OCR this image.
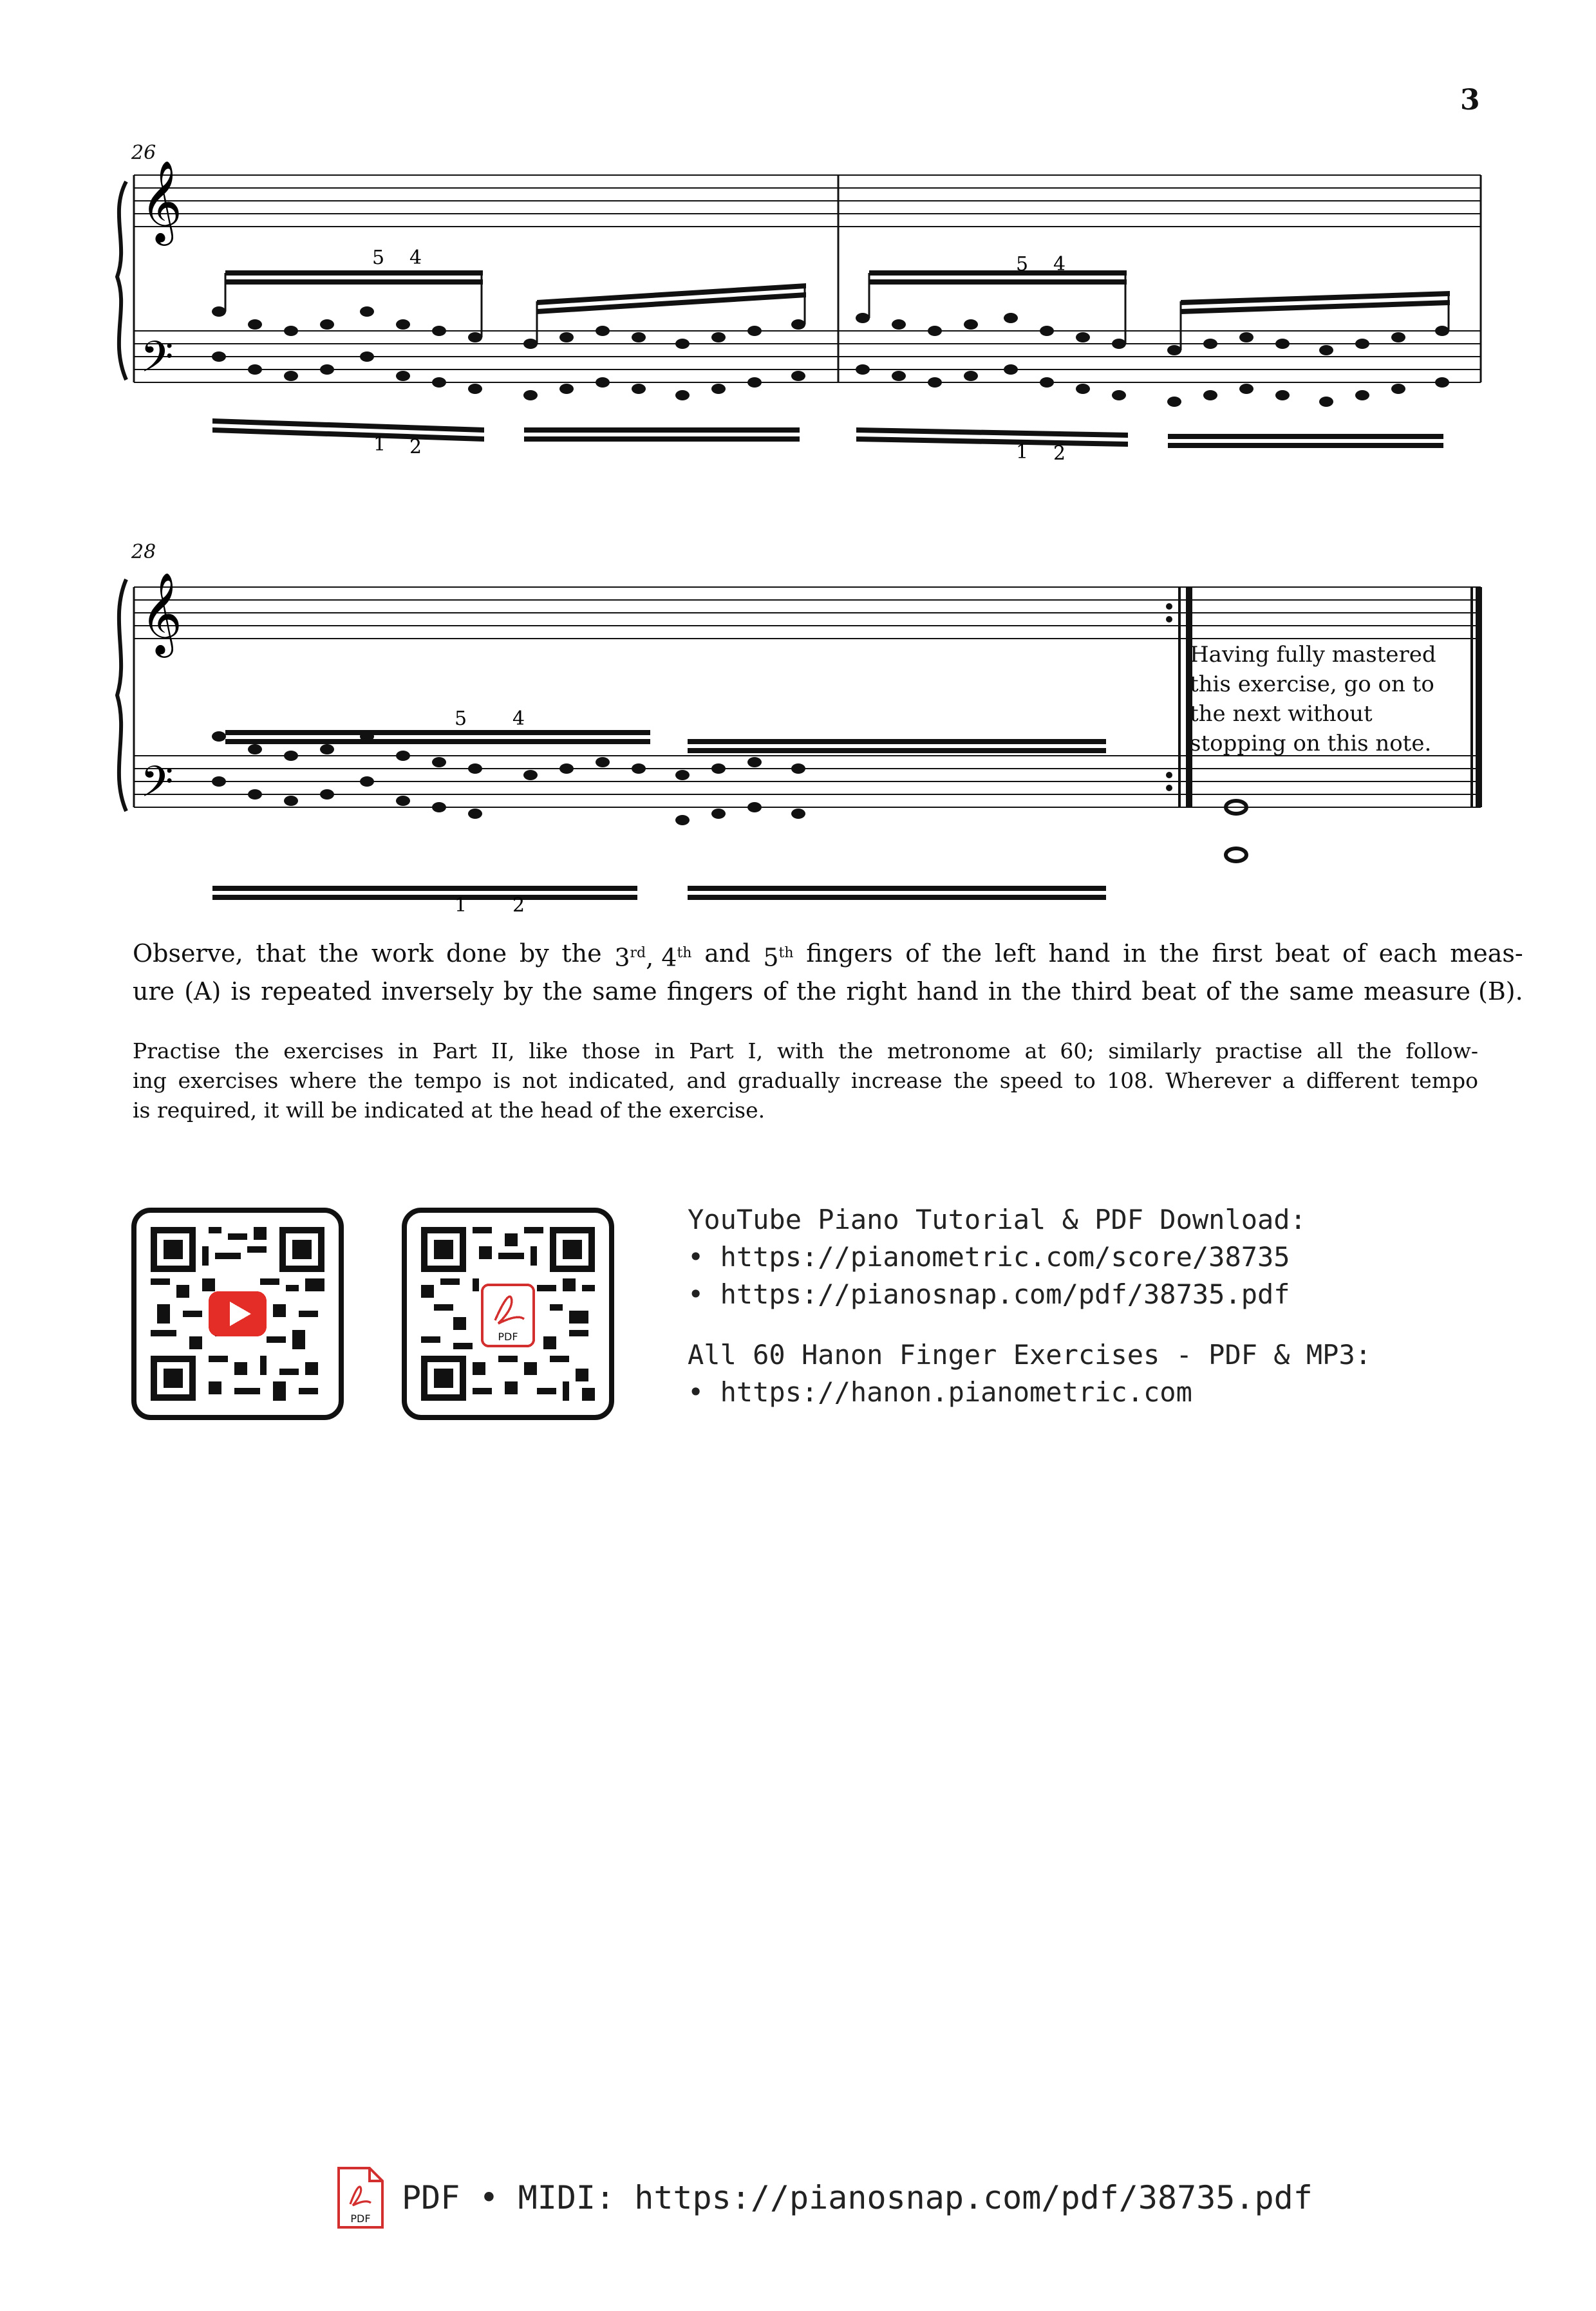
3
26
𝄞
𝄢
5 4
1 2
5 4
1 2
28
𝄞
𝄢
5 4
1 2
Having fully mastered
this exercise, go on to
the next without
stopping on this note.
Observe, that the work done by the 3rd, 4th and 5th fingers of the left hand in the first beat of each meas-
ure (A) is repeated inversely by the same fingers of the right hand in the third beat of the same measure (B).
Practise the exercises in Part II, like those in Part I, with the metronome at 60; similarly practise all the follow-
ing exercises where the tempo is not indicated, and gradually increase the speed to 108. Wherever a different tempo
is required, it will be indicated at the head of the exercise.
PDF
YouTube Piano Tutorial & PDF Download:
• https://pianometric.com/score/38735
• https://pianosnap.com/pdf/38735.pdf
All 60 Hanon Finger Exercises - PDF & MP3:
• https://hanon.pianometric.com
PDF
PDF • MIDI: https://pianosnap.com/pdf/38735.pdf
